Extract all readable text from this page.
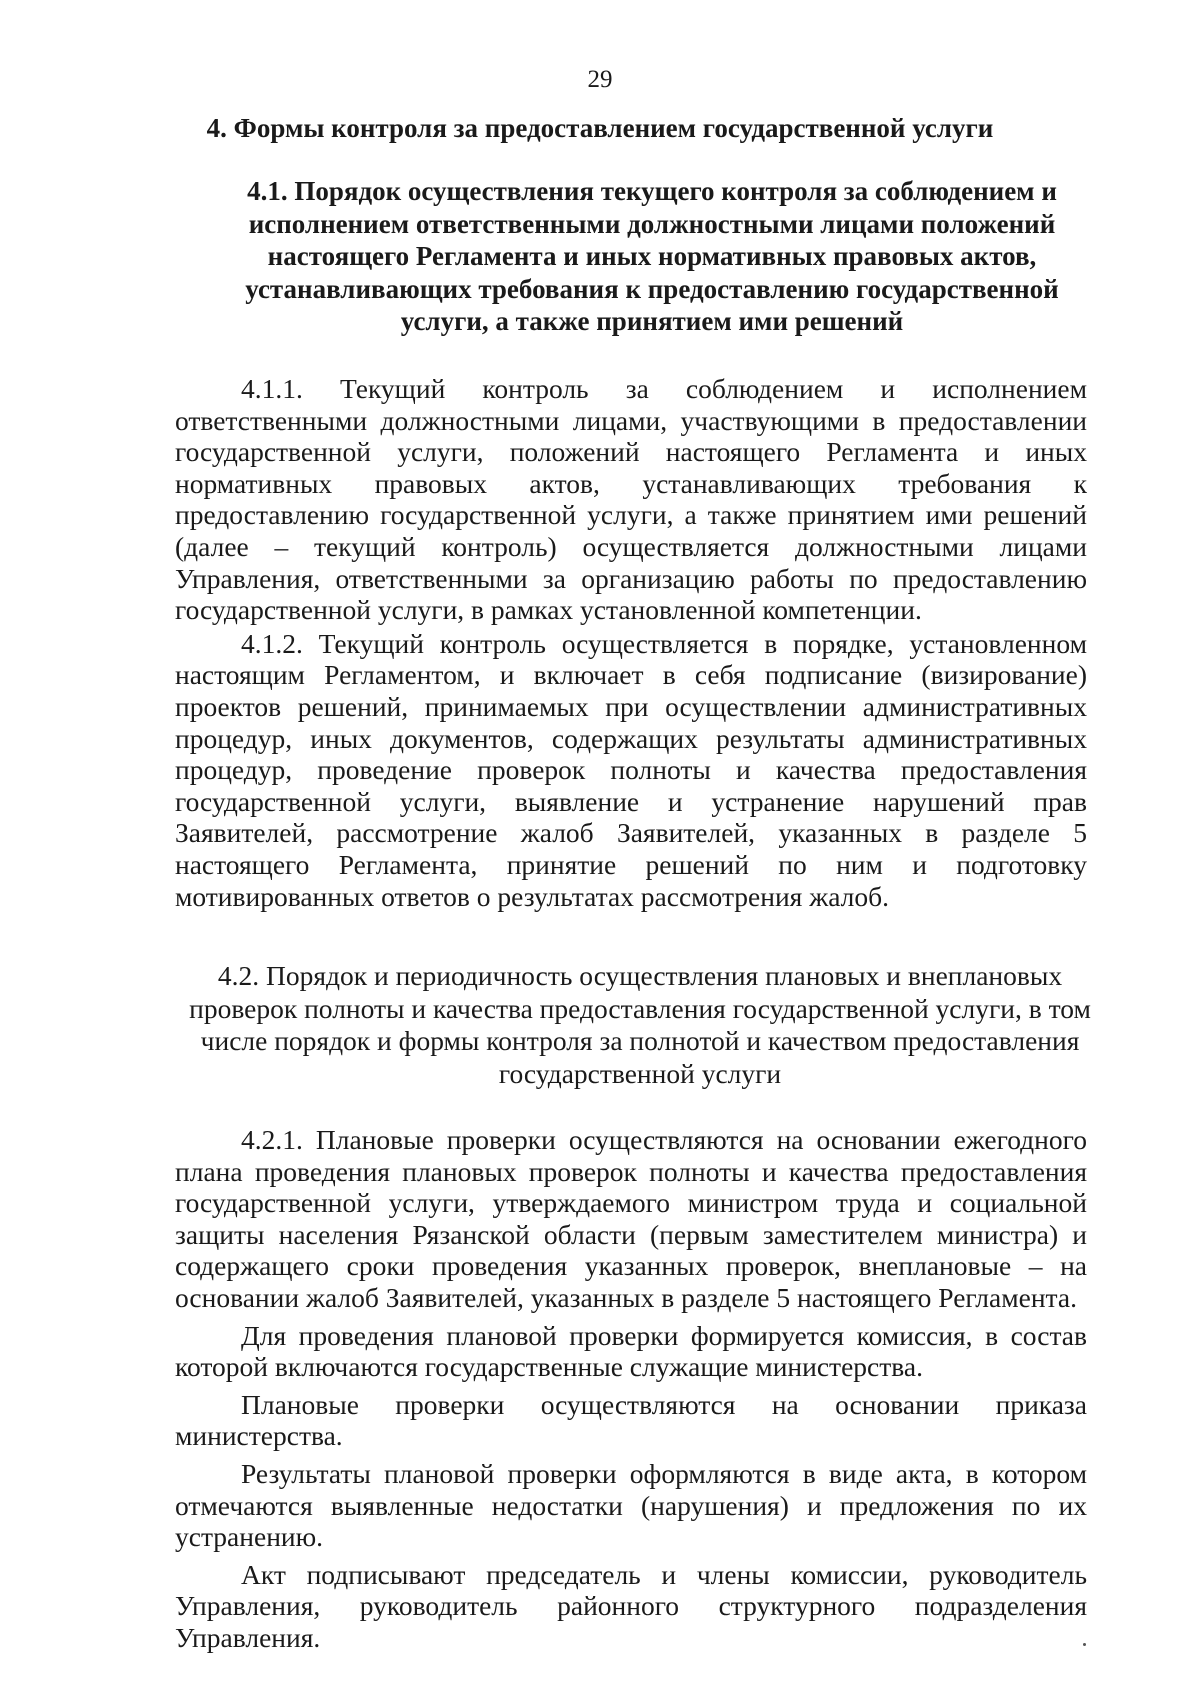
29
4. Формы контроля за предоставлением государственной услуги
4.1. Порядок осуществления текущего контроля за соблюдением и
исполнением ответственными должностными лицами положений
настоящего Регламента и иных нормативных правовых актов,
устанавливающих требования к предоставлению государственной
услуги, а также принятием ими решений

4.1.1. Текущий контроль за соблюдением и исполнением ответственными должностными лицами, участвующими в предоставлении государственной услуги, положений настоящего Регламента и иных нормативных правовых актов, устанавливающих требования к предоставлению государственной услуги, а также принятием ими решений (далее – текущий контроль) осуществляется должностными лицами Управления, ответственными за организацию работы по предоставлению государственной услуги, в рамках установленной компетенции.

4.1.2. Текущий контроль осуществляется в порядке, установленном настоящим Регламентом, и включает в себя подписание (визирование) проектов решений, принимаемых при осуществлении административных процедур, иных документов, содержащих результаты административных процедур, проведение проверок полноты и качества предоставления государственной услуги, выявление и устранение нарушений прав Заявителей, рассмотрение жалоб Заявителей, указанных в разделе 5 настоящего Регламента, принятие решений по ним и подготовку мотивированных ответов о результатах рассмотрения жалоб.

4.2. Порядок и периодичность осуществления плановых и внеплановых
проверок полноты и качества предоставления государственной услуги, в том
числе порядок и формы контроля за полнотой и качеством предоставления
государственной услуги

4.2.1. Плановые проверки осуществляются на основании ежегодного плана проведения плановых проверок полноты и качества предоставления государственной услуги, утверждаемого министром труда и социальной защиты населения Рязанской области (первым заместителем министра) и содержащего сроки проведения указанных проверок, внеплановые – на основании жалоб Заявителей, указанных в разделе 5 настоящего Регламента.

Для проведения плановой проверки формируется комиссия, в состав которой включаются государственные служащие министерства.

Плановые проверки осуществляются на основании приказа министерства.

Результаты плановой проверки оформляются в виде акта, в котором отмечаются выявленные недостатки (нарушения) и предложения по их устранению.

Акт подписывают председатель и члены комиссии, руководитель Управления, руководитель районного структурного подразделения Управления.
